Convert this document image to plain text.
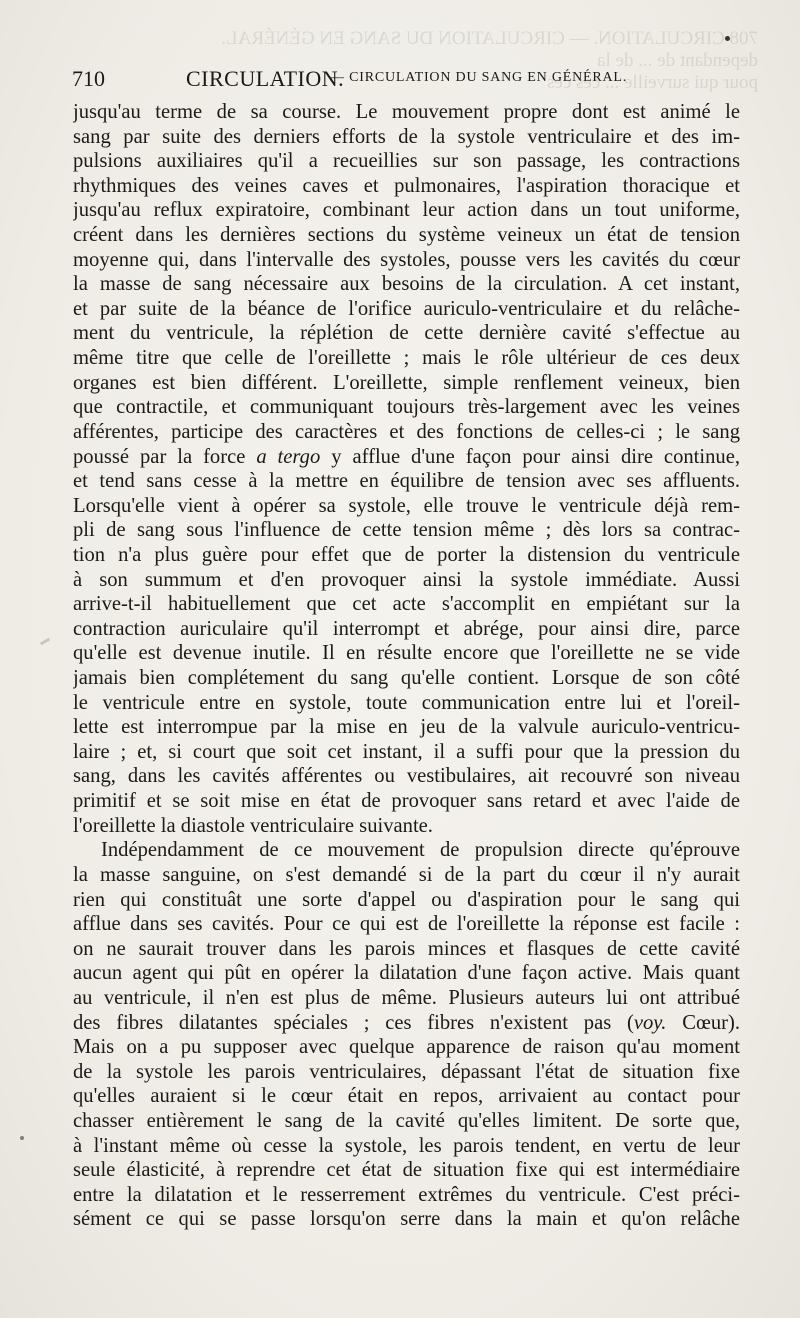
708 CIRCULATION. — CIRCULATION DU SANG EN GÉNÉRAL.
dependant de ... de la
pour qui surveille ... ces ces
710	CIRCULATION.
— CIRCULATION DU SANG EN GÉNÉRAL.
jusqu'au terme de sa course. Le mouvement propre dont est animé le
sang par suite des derniers efforts de la systole ventriculaire et des im-
pulsions auxiliaires qu'il a recueillies sur son passage, les contractions
rhythmiques des veines caves et pulmonaires, l'aspiration thoracique et
jusqu'au reflux expiratoire, combinant leur action dans un tout uniforme,
créent dans les dernières sections du système veineux un état de tension
moyenne qui, dans l'intervalle des systoles, pousse vers les cavités du cœur
la masse de sang nécessaire aux besoins de la circulation. A cet instant,
et par suite de la béance de l'orifice auriculo-ventriculaire et du relâche-
ment du ventricule, la réplétion de cette dernière cavité s'effectue au
même titre que celle de l'oreillette ; mais le rôle ultérieur de ces deux
organes est bien différent. L'oreillette, simple renflement veineux, bien
que contractile, et communiquant toujours très-largement avec les veines
afférentes, participe des caractères et des fonctions de celles-ci ; le sang
poussé par la force a tergo y afflue d'une façon pour ainsi dire continue,
et tend sans cesse à la mettre en équilibre de tension avec ses affluents.
Lorsqu'elle vient à opérer sa systole, elle trouve le ventricule déjà rem-
pli de sang sous l'influence de cette tension même ; dès lors sa contrac-
tion n'a plus guère pour effet que de porter la distension du ventricule
à son summum et d'en provoquer ainsi la systole immédiate. Aussi
arrive-t-il habituellement que cet acte s'accomplit en empiétant sur la
contraction auriculaire qu'il interrompt et abrége, pour ainsi dire, parce
qu'elle est devenue inutile. Il en résulte encore que l'oreillette ne se vide
jamais bien complétement du sang qu'elle contient. Lorsque de son côté
le ventricule entre en systole, toute communication entre lui et l'oreil-
lette est interrompue par la mise en jeu de la valvule auriculo-ventricu-
laire ; et, si court que soit cet instant, il a suffi pour que la pression du
sang, dans les cavités afférentes ou vestibulaires, ait recouvré son niveau
primitif et se soit mise en état de provoquer sans retard et avec l'aide de
l'oreillette la diastole ventriculaire suivante.
Indépendamment de ce mouvement de propulsion directe qu'éprouve
la masse sanguine, on s'est demandé si de la part du cœur il n'y aurait
rien qui constituât une sorte d'appel ou d'aspiration pour le sang qui
afflue dans ses cavités. Pour ce qui est de l'oreillette la réponse est facile :
on ne saurait trouver dans les parois minces et flasques de cette cavité
aucun agent qui pût en opérer la dilatation d'une façon active. Mais quant
au ventricule, il n'en est plus de même. Plusieurs auteurs lui ont attribué
des fibres dilatantes spéciales ; ces fibres n'existent pas (voy. Cœur).
Mais on a pu supposer avec quelque apparence de raison qu'au moment
de la systole les parois ventriculaires, dépassant l'état de situation fixe
qu'elles auraient si le cœur était en repos, arrivaient au contact pour
chasser entièrement le sang de la cavité qu'elles limitent. De sorte que,
à l'instant même où cesse la systole, les parois tendent, en vertu de leur
seule élasticité, à reprendre cet état de situation fixe qui est intermédiaire
entre la dilatation et le resserrement extrêmes du ventricule. C'est préci-
sément ce qui se passe lorsqu'on serre dans la main et qu'on relâche
